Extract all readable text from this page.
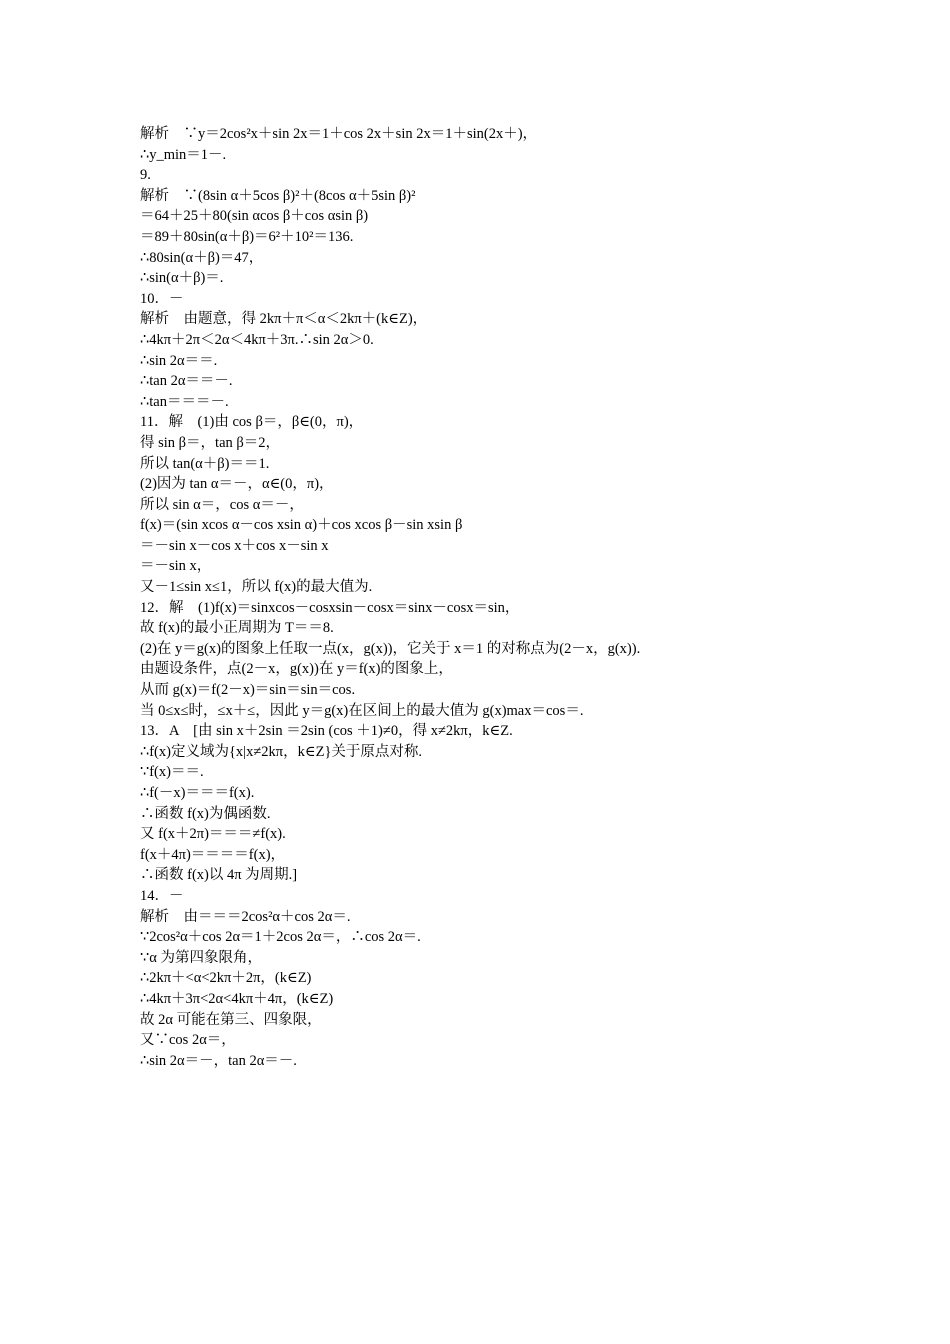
解析　∵y＝2cos²x＋sin 2x＝1＋cos 2x＋sin 2x＝1＋sin(2x＋)，
∴y_min＝1－.
9.
解析　∵(8sin α＋5cos β)²＋(8cos α＋5sin β)²
＝64＋25＋80(sin αcos β＋cos αsin β)
＝89＋80sin(α＋β)＝6²＋10²＝136.
∴80sin(α＋β)＝47，
∴sin(α＋β)＝.
10．－
解析　由题意，得 2kπ＋π＜α＜2kπ＋(k∈Z)，
∴4kπ＋2π＜2α＜4kπ＋3π.∴sin 2α＞0.
∴sin 2α＝＝.
∴tan 2α＝＝－.
∴tan＝＝＝－.
11．解　(1)由 cos β＝，β∈(0，π)，
得 sin β＝，tan β＝2，
所以 tan(α＋β)＝＝1.
(2)因为 tan α＝－，α∈(0，π)，
所以 sin α＝，cos α＝－，
f(x)＝(sin xcos α－cos xsin α)＋cos xcos β－sin xsin β
＝－sin x－cos x＋cos x－sin x
＝－sin x，
又－1≤sin x≤1，所以 f(x)的最大值为.
12．解　(1)f(x)＝sinxcos－cosxsin－cosx＝sinx－cosx＝sin，
故 f(x)的最小正周期为 T＝＝8.
(2)在 y＝g(x)的图象上任取一点(x，g(x))，它关于 x＝1 的对称点为(2－x，g(x)).
由题设条件，点(2－x，g(x))在 y＝f(x)的图象上，
从而 g(x)＝f(2－x)＝sin＝sin＝cos.
当 0≤x≤时，≤x＋≤，因此 y＝g(x)在区间上的最大值为 g(x)max＝cos＝.
13．A　[由 sin x＋2sin ＝2sin (cos ＋1)≠0，得 x≠2kπ，k∈Z.
∴f(x)定义域为{x|x≠2kπ，k∈Z}关于原点对称.
∵f(x)＝＝.
∴f(－x)＝＝＝f(x).
∴函数 f(x)为偶函数.
又 f(x＋2π)＝＝＝≠f(x).
f(x＋4π)＝＝＝＝f(x)，
∴函数 f(x)以 4π 为周期.]
14．－
解析　由＝＝＝2cos²α＋cos 2α＝.
∵2cos²α＋cos 2α＝1＋2cos 2α＝，∴cos 2α＝.
∵α 为第四象限角，
∴2kπ＋<α<2kπ＋2π，(k∈Z)
∴4kπ＋3π<2α<4kπ＋4π，(k∈Z)
故 2α 可能在第三、四象限，
又∵cos 2α＝，
∴sin 2α＝－，tan 2α＝－.
